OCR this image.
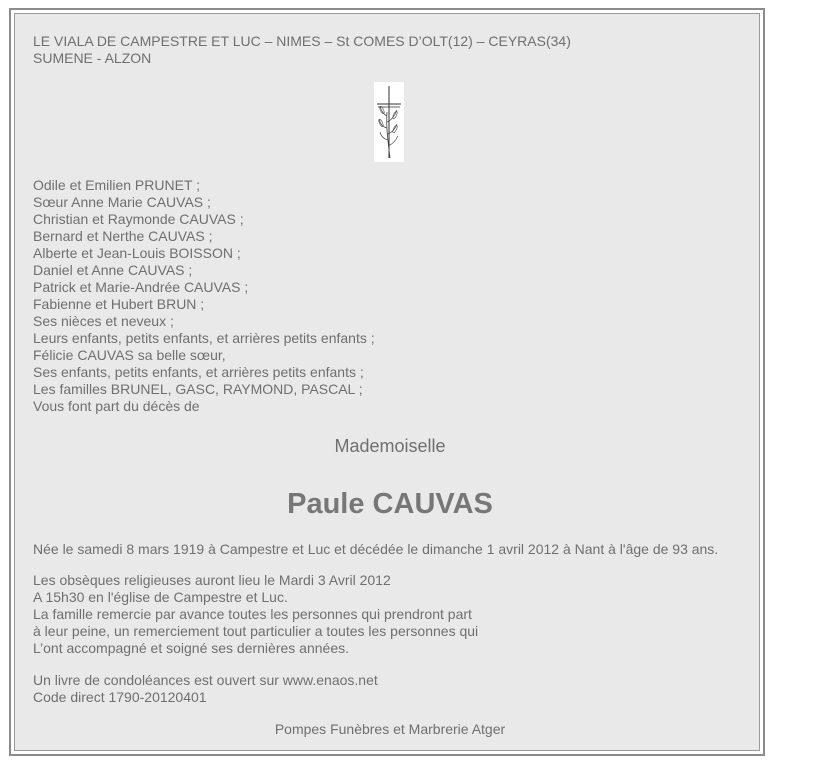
LE VIALA DE CAMPESTRE ET LUC – NIMES – St COMES D’OLT(12) – CEYRAS(34)
SUMENE - ALZON
Odile et Emilien PRUNET ;
Sœur Anne Marie CAUVAS ;
Christian et Raymonde CAUVAS ;
Bernard et Nerthe CAUVAS ;
Alberte et Jean-Louis BOISSON ;
Daniel et Anne CAUVAS ;
Patrick et Marie-Andrée CAUVAS ;
Fabienne et Hubert BRUN ;
Ses nièces et neveux ;
Leurs enfants, petits enfants, et arrières petits enfants ;
Félicie CAUVAS sa belle sœur,
Ses enfants, petits enfants, et arrières petits enfants ;
Les familles BRUNEL, GASC, RAYMOND, PASCAL ;
Vous font part du décès de
Mademoiselle
Paule CAUVAS
Née le samedi 8 mars 1919 à Campestre et Luc et décédée le dimanche 1 avril 2012 à Nant à l'âge de 93 ans.
Les obsèques religieuses auront lieu le Mardi 3 Avril 2012
A 15h30 en l'église de Campestre et Luc.
La famille remercie par avance toutes les personnes qui prendront part
à leur peine, un remerciement tout particulier a toutes les personnes qui
L’ont accompagné et soigné ses dernières années.
Un livre de condoléances est ouvert sur www.enaos.net
Code direct 1790-20120401
Pompes Funèbres et Marbrerie Atger
